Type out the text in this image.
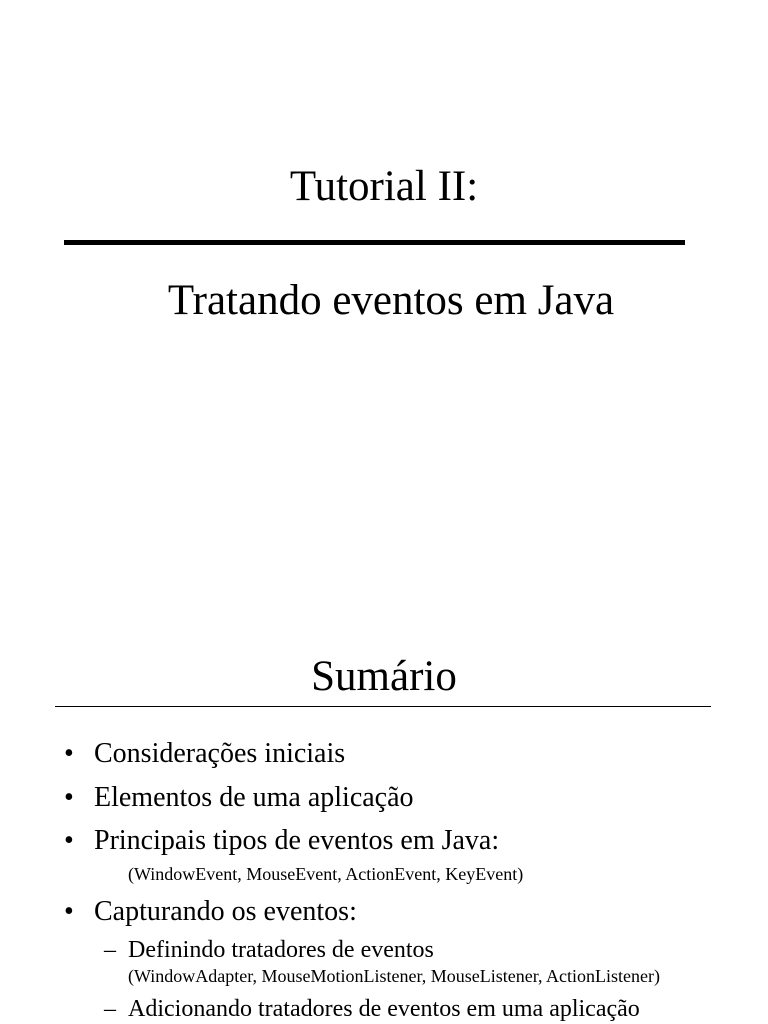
Tutorial II:
Tratando eventos em Java
Sumário
• Considerações iniciais
• Elementos de uma aplicação
• Principais tipos de eventos em Java:
(WindowEvent, MouseEvent, ActionEvent, KeyEvent)
• Capturando os eventos:
– Definindo tratadores de eventos
(WindowAdapter, MouseMotionListener, MouseListener, ActionListener)
– Adicionando tratadores de eventos em uma aplicação
